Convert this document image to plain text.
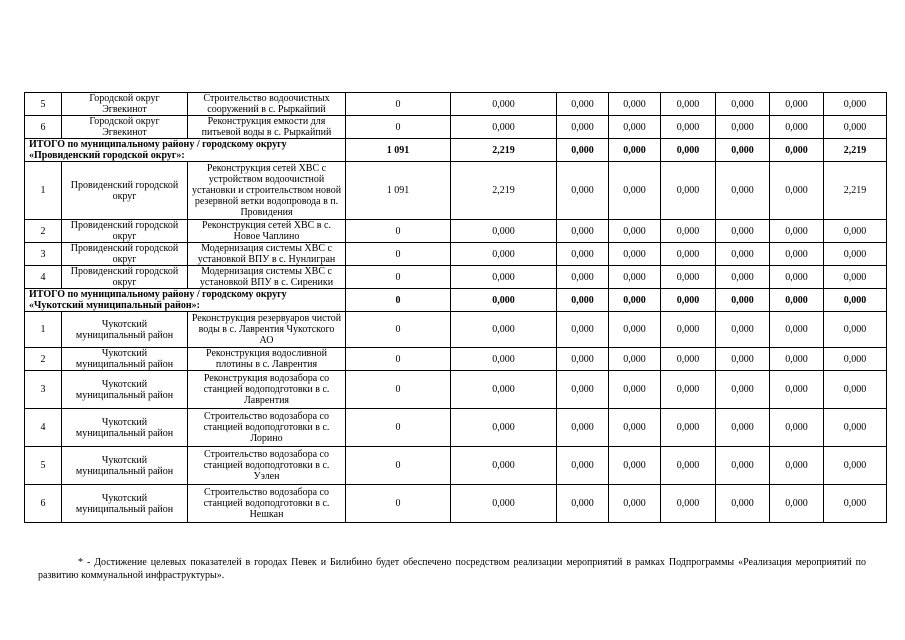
5	Городской округ Эгвекинот	Строительство водоочистных сооружений в с. Рыркайпий	0	0,000	0,000	0,000	0,000	0,000	0,000	0,000
6	Городской округ Эгвекинот	Реконструкция емкости для питьевой воды в с. Рыркайпий	0	0,000	0,000	0,000	0,000	0,000	0,000	0,000
ИТОГО по муниципальному району / городскому округу «Провиденский городской округ»:			1 091	2,219	0,000	0,000	0,000	0,000	0,000	2,219
1	Провиденский городской округ	Реконструкция сетей ХВС с устройством водоочистной установки и строительством новой резервной ветки водопровода в п. Провидения	1 091	2,219	0,000	0,000	0,000	0,000	0,000	2,219
2	Провиденский городской округ	Реконструкция сетей ХВС в с. Новое Чаплино	0	0,000	0,000	0,000	0,000	0,000	0,000	0,000
3	Провиденский городской округ	Модернизация системы ХВС с установкой ВПУ в с. Нунлигран	0	0,000	0,000	0,000	0,000	0,000	0,000	0,000
4	Провиденский городской округ	Модернизация системы ХВС с установкой ВПУ в с. Сиреники	0	0,000	0,000	0,000	0,000	0,000	0,000	0,000
ИТОГО по муниципальному району / городскому округу «Чукотский муниципальный район»:			0	0,000	0,000	0,000	0,000	0,000	0,000	0,000
1	Чукотский муниципальный район	Реконструкция резервуаров чистой воды в с. Лаврентия Чукотского АО	0	0,000	0,000	0,000	0,000	0,000	0,000	0,000
2	Чукотский муниципальный район	Реконструкция водосливной плотины в с. Лаврентия	0	0,000	0,000	0,000	0,000	0,000	0,000	0,000
3	Чукотский муниципальный район	Реконструкция водозабора со станцией водоподготовки в с. Лаврентия	0	0,000	0,000	0,000	0,000	0,000	0,000	0,000
4	Чукотский муниципальный район	Строительство водозабора со станцией водоподготовки в с. Лорино	0	0,000	0,000	0,000	0,000	0,000	0,000	0,000
5	Чукотский муниципальный район	Строительство водозабора со станцией водоподготовки в с. Уэлен	0	0,000	0,000	0,000	0,000	0,000	0,000	0,000
6	Чукотский муниципальный район	Строительство водозабора со станцией водоподготовки в с. Нешкан	0	0,000	0,000	0,000	0,000	0,000	0,000	0,000
* - Достижение целевых показателей в городах Певек и Билибино будет обеспечено посредством реализации мероприятий в рамках Подпрограммы «Реализация мероприятий по развитию коммунальной инфраструктуры».
